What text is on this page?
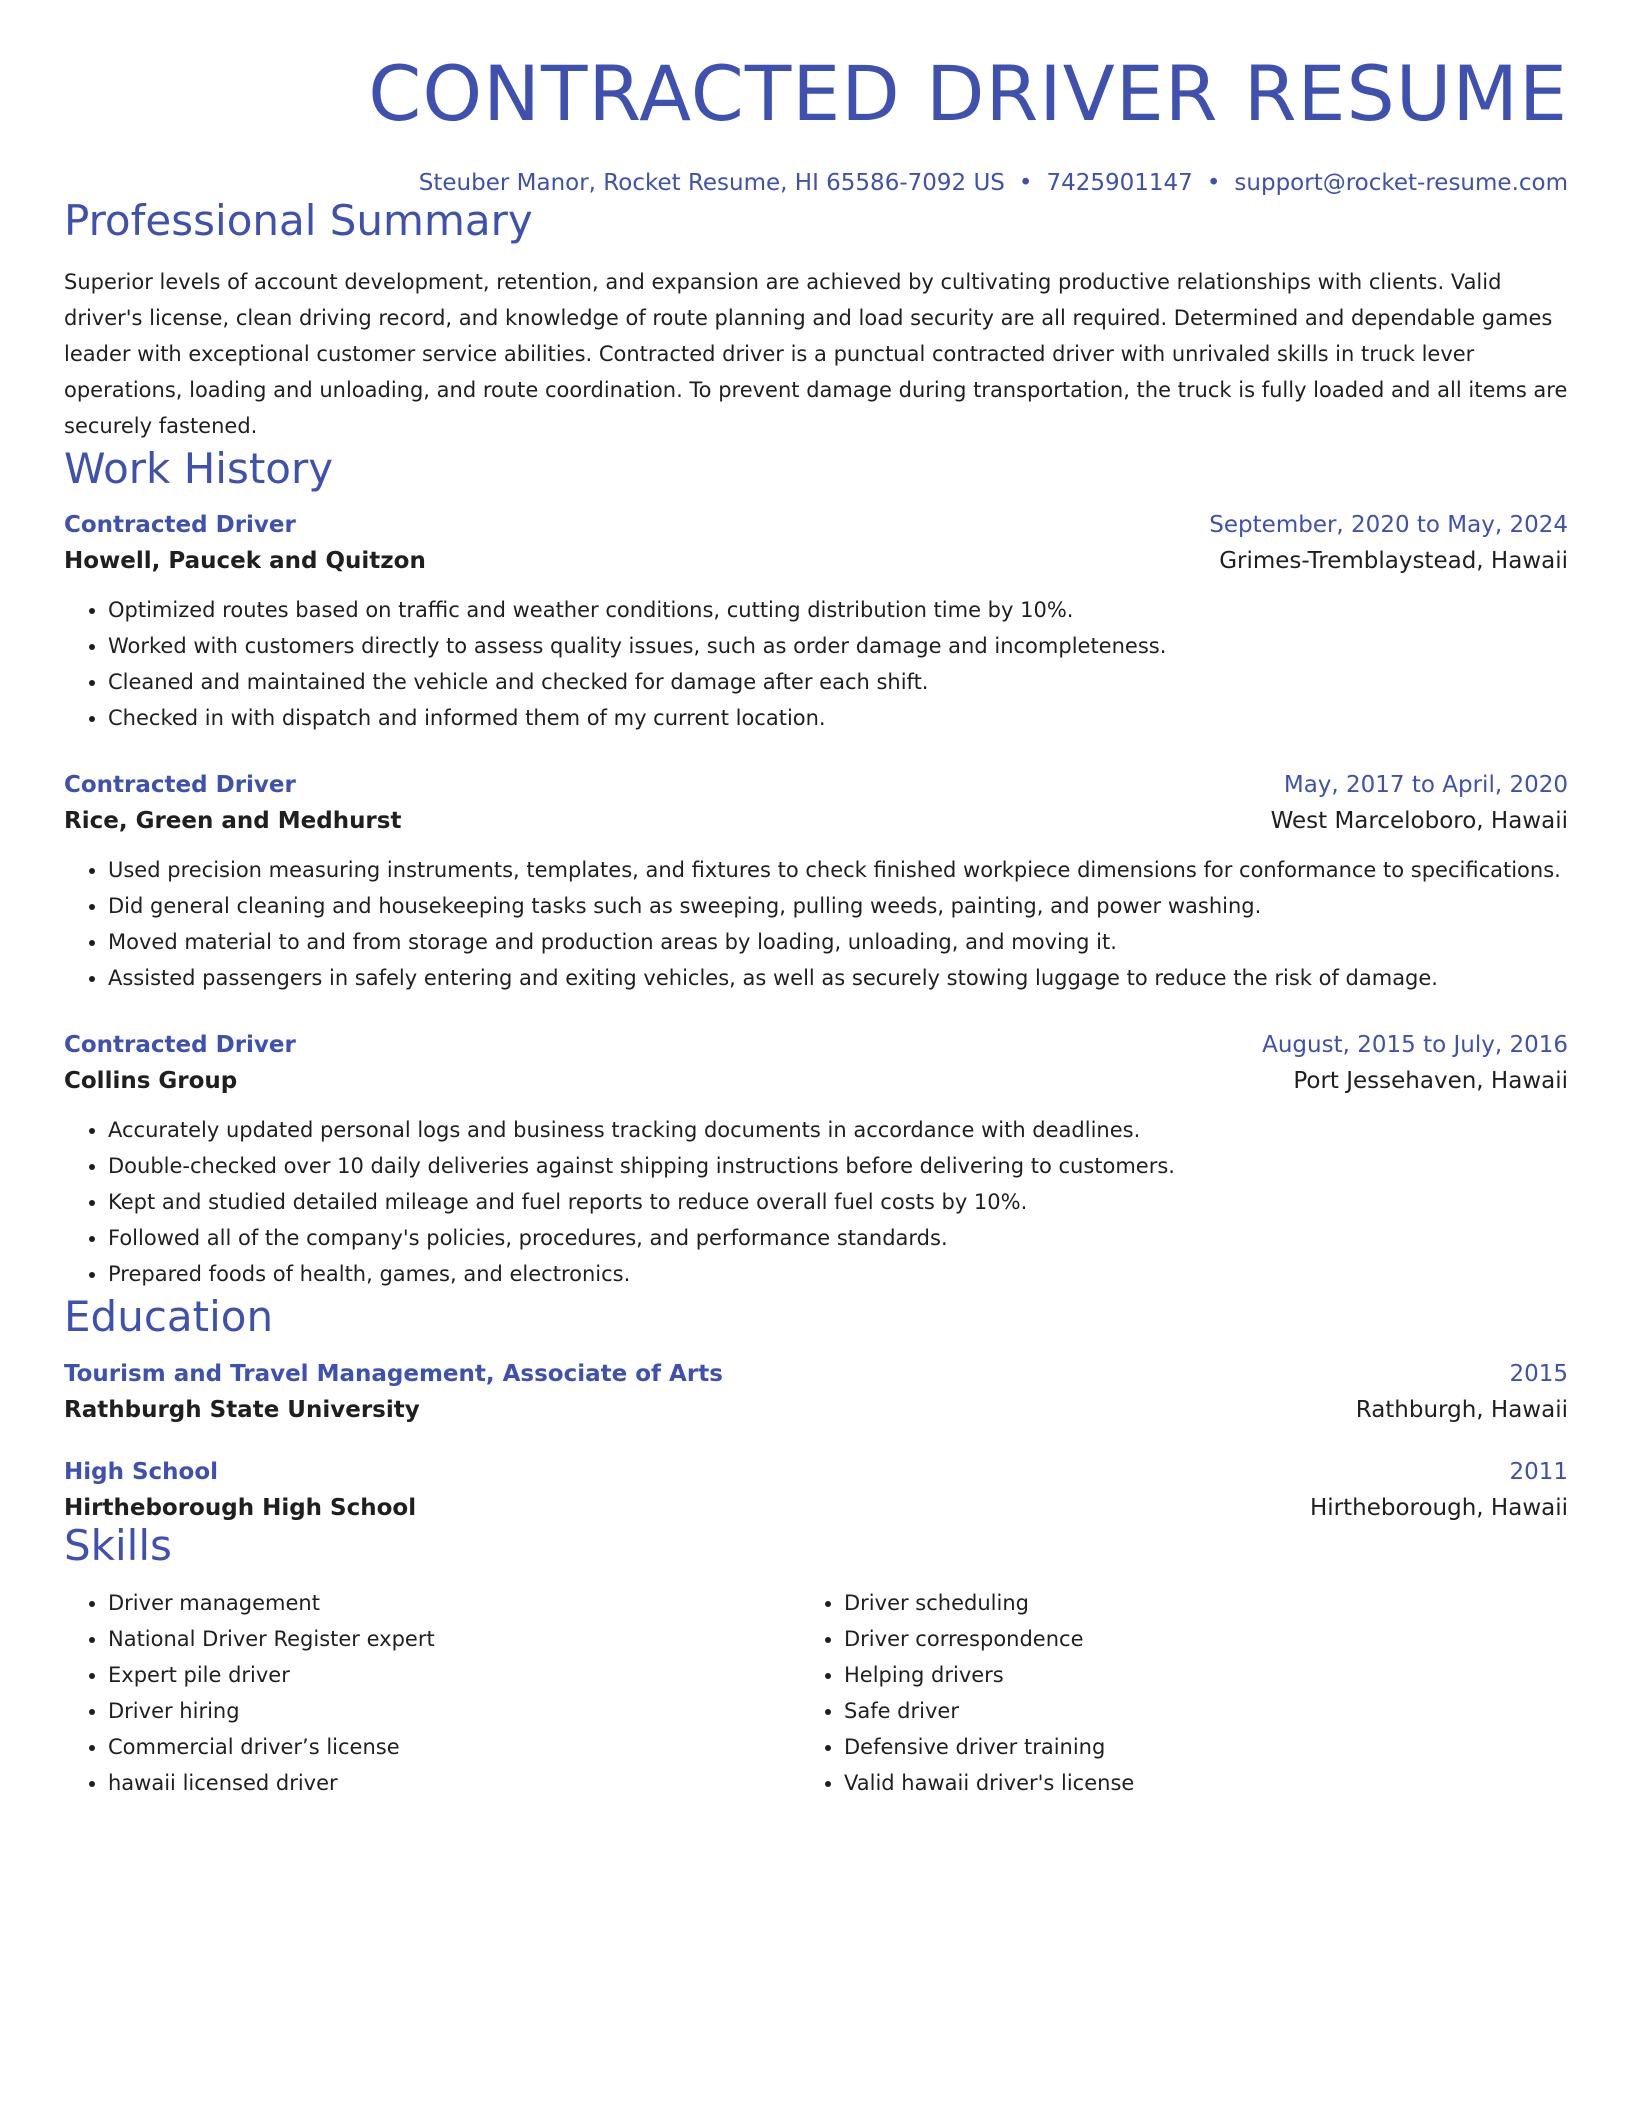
CONTRACTED DRIVER RESUME
Steuber Manor, Rocket Resume, HI 65586-7092 US • 7425901147 • support@rocket-resume.com
Professional Summary
Superior levels of account development, retention, and expansion are achieved by cultivating productive relationships with clients. Valid driver's license, clean driving record, and knowledge of route planning and load security are all required. Determined and dependable games leader with exceptional customer service abilities. Contracted driver is a punctual contracted driver with unrivaled skills in truck lever operations, loading and unloading, and route coordination. To prevent damage during transportation, the truck is fully loaded and all items are securely fastened.
Work History
Contracted Driver	September, 2020 to May, 2024
Howell, Paucek and Quitzon	Grimes-Tremblaystead, Hawaii
• Optimized routes based on traffic and weather conditions, cutting distribution time by 10%.
• Worked with customers directly to assess quality issues, such as order damage and incompleteness.
• Cleaned and maintained the vehicle and checked for damage after each shift.
• Checked in with dispatch and informed them of my current location.
Contracted Driver	May, 2017 to April, 2020
Rice, Green and Medhurst	West Marceloboro, Hawaii
• Used precision measuring instruments, templates, and fixtures to check finished workpiece dimensions for conformance to specifications.
• Did general cleaning and housekeeping tasks such as sweeping, pulling weeds, painting, and power washing.
• Moved material to and from storage and production areas by loading, unloading, and moving it.
• Assisted passengers in safely entering and exiting vehicles, as well as securely stowing luggage to reduce the risk of damage.
Contracted Driver	August, 2015 to July, 2016
Collins Group	Port Jessehaven, Hawaii
• Accurately updated personal logs and business tracking documents in accordance with deadlines.
• Double-checked over 10 daily deliveries against shipping instructions before delivering to customers.
• Kept and studied detailed mileage and fuel reports to reduce overall fuel costs by 10%.
• Followed all of the company's policies, procedures, and performance standards.
• Prepared foods of health, games, and electronics.
Education
Tourism and Travel Management, Associate of Arts	2015
Rathburgh State University	Rathburgh, Hawaii
High School	2011
Hirtheborough High School	Hirtheborough, Hawaii
Skills
• Driver management
• National Driver Register expert
• Expert pile driver
• Driver hiring
• Commercial driver’s license
• hawaii licensed driver
• Driver scheduling
• Driver correspondence
• Helping drivers
• Safe driver
• Defensive driver training
• Valid hawaii driver's license
